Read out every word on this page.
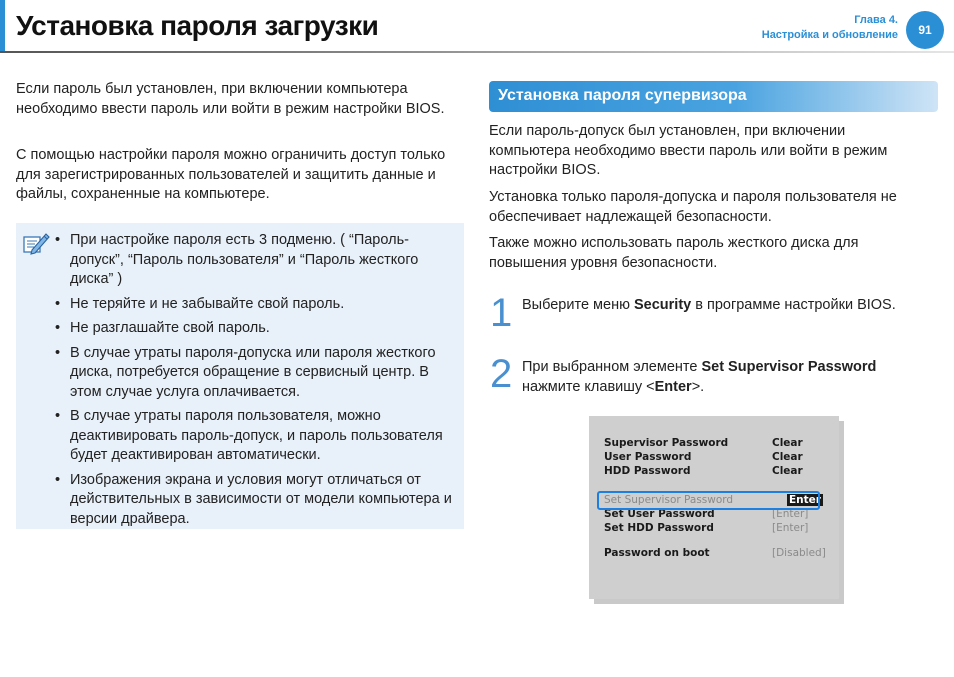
Установка пароля загрузки	Глава 4.
Настройка и обновление	91

Если пароль был установлен, при включении компьютера необходимо ввести пароль или войти в режим настройки BIOS.

С помощью настройки пароля можно ограничить доступ только для зарегистрированных пользователей и защитить данные и файлы, сохраненные на компьютере.

• При настройке пароля есть 3 подменю. ( “Пароль-допуск”, “Пароль пользователя” и “Пароль жесткого диска” )
• Не теряйте и не забывайте свой пароль.
• Не разглашайте свой пароль.
• В случае утраты пароля-допуска или пароля жесткого диска, потребуется обращение в сервисный центр. В этом случае услуга оплачивается.
• В случае утраты пароля пользователя, можно деактивировать пароль-допуск, и пароль пользователя будет деактивирован автоматически.
• Изображения экрана и условия могут отличаться от действительных в зависимости от модели компьютера и версии драйвера.
Установка пароля супервизора

Если пароль-допуск был установлен, при включении компьютера необходимо ввести пароль или войти в режим настройки BIOS.

Установка только пароля-допуска и пароля пользователя не обеспечивает надлежащей безопасности.

Также можно использовать пароль жесткого диска для повышения уровня безопасности.

1 Выберите меню Security в программе настройки BIOS.

2 При выбранном элементе Set Supervisor Password
нажмите клавишу <Enter>.

Supervisor Password	Clear
User Password	Clear
HDD Password	Clear
Set Supervisor Password	Enter
Set User Password	[Enter]
Set HDD Password	[Enter]
Password on boot	[Disabled]
